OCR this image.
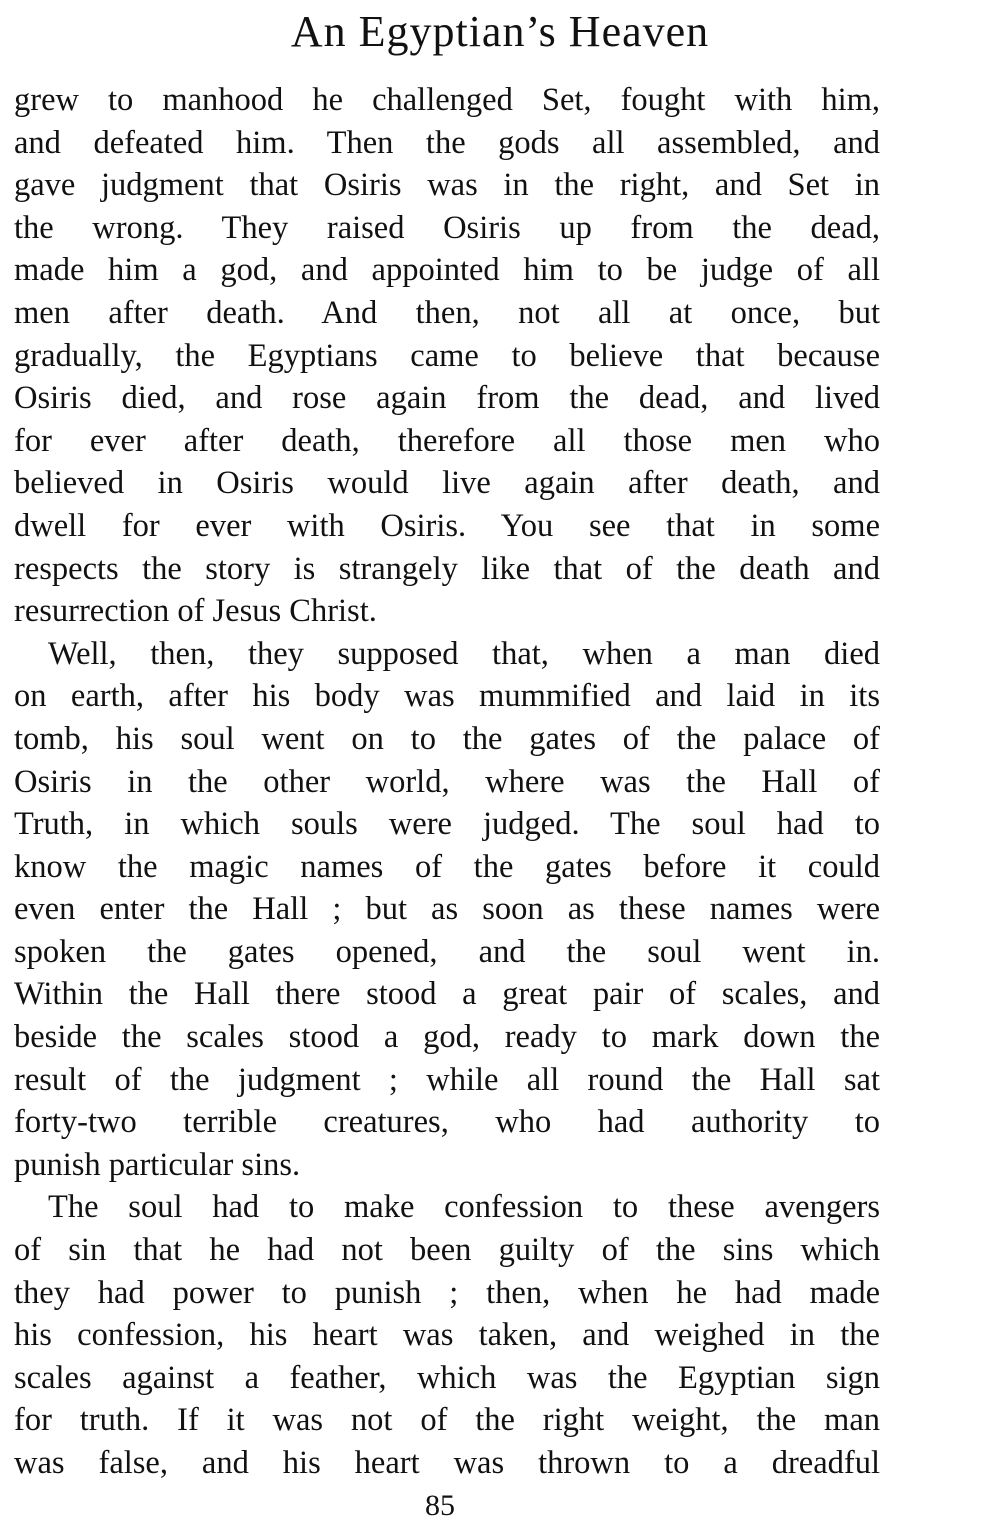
An Egyptian’s Heaven
grew to manhood he challenged Set, fought with him,
and defeated him. Then the gods all assembled, and
gave judgment that Osiris was in the right, and Set in
the wrong. They raised Osiris up from the dead,
made him a god, and appointed him to be judge of all
men after death. And then, not all at once, but
gradually, the Egyptians came to believe that because
Osiris died, and rose again from the dead, and lived
for ever after death, therefore all those men who
believed in Osiris would live again after death, and
dwell for ever with Osiris. You see that in some
respects the story is strangely like that of the death and
resurrection of Jesus Christ.
Well, then, they supposed that, when a man died
on earth, after his body was mummified and laid in its
tomb, his soul went on to the gates of the palace of
Osiris in the other world, where was the Hall of
Truth, in which souls were judged. The soul had to
know the magic names of the gates before it could
even enter the Hall ; but as soon as these names were
spoken the gates opened, and the soul went in.
Within the Hall there stood a great pair of scales, and
beside the scales stood a god, ready to mark down the
result of the judgment ; while all round the Hall sat
forty-two terrible creatures, who had authority to
punish particular sins.
The soul had to make confession to these avengers
of sin that he had not been guilty of the sins which
they had power to punish ; then, when he had made
his confession, his heart was taken, and weighed in the
scales against a feather, which was the Egyptian sign
for truth. If it was not of the right weight, the man
was false, and his heart was thrown to a dreadful
85
